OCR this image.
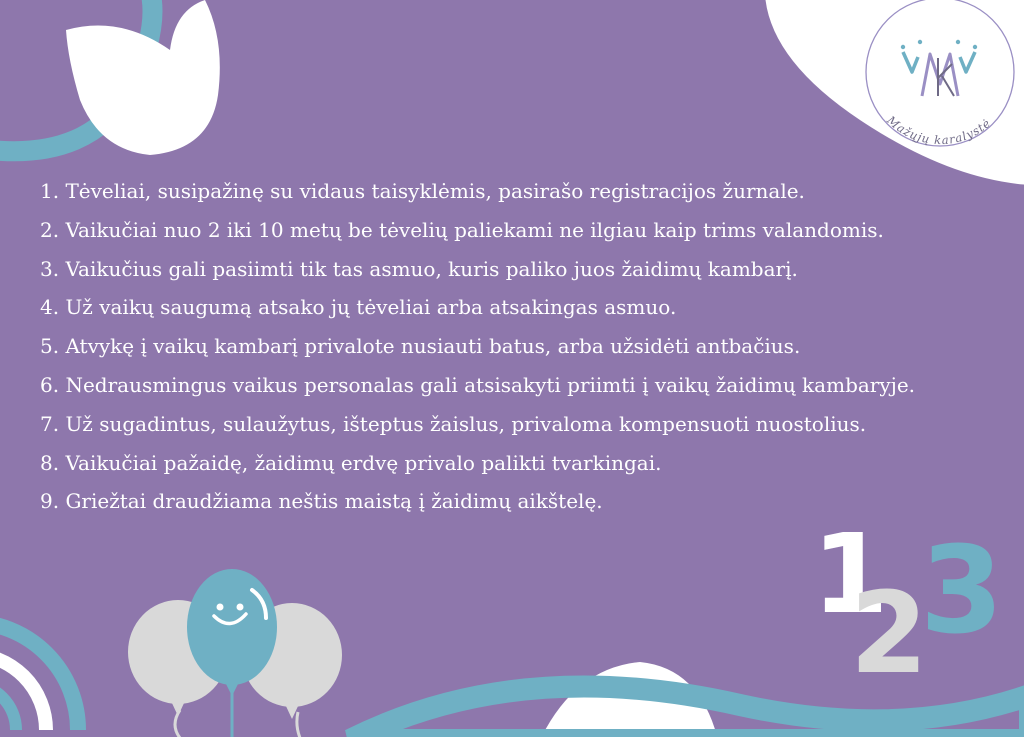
Mažųjų karalystė
1. Tėveliai, susipažinę su vidaus taisyklėmis, pasirašo registracijos žurnale.
2. Vaikučiai nuo 2 iki 10 metų be tėvelių paliekami ne ilgiau kaip trims valandomis.
3. Vaikučius gali pasiimti tik tas asmuo, kuris paliko juos žaidimų kambarį.
4. Už vaikų saugumą atsako jų tėveliai arba atsakingas asmuo.
5. Atvykę į vaikų kambarį privalote nusiauti batus, arba užsidėti antbačius.
6. Nedrausmingus vaikus personalas gali atsisakyti priimti į vaikų žaidimų kambaryje.
7. Už sugadintus, sulaužytus, išteptus žaislus, privaloma kompensuoti nuostolius.
8. Vaikučiai pažaidę, žaidimų erdvę privalo palikti tvarkingai.
9. Griežtai draudžiama neštis maistą į žaidimų aikštelę.
3
1
2
